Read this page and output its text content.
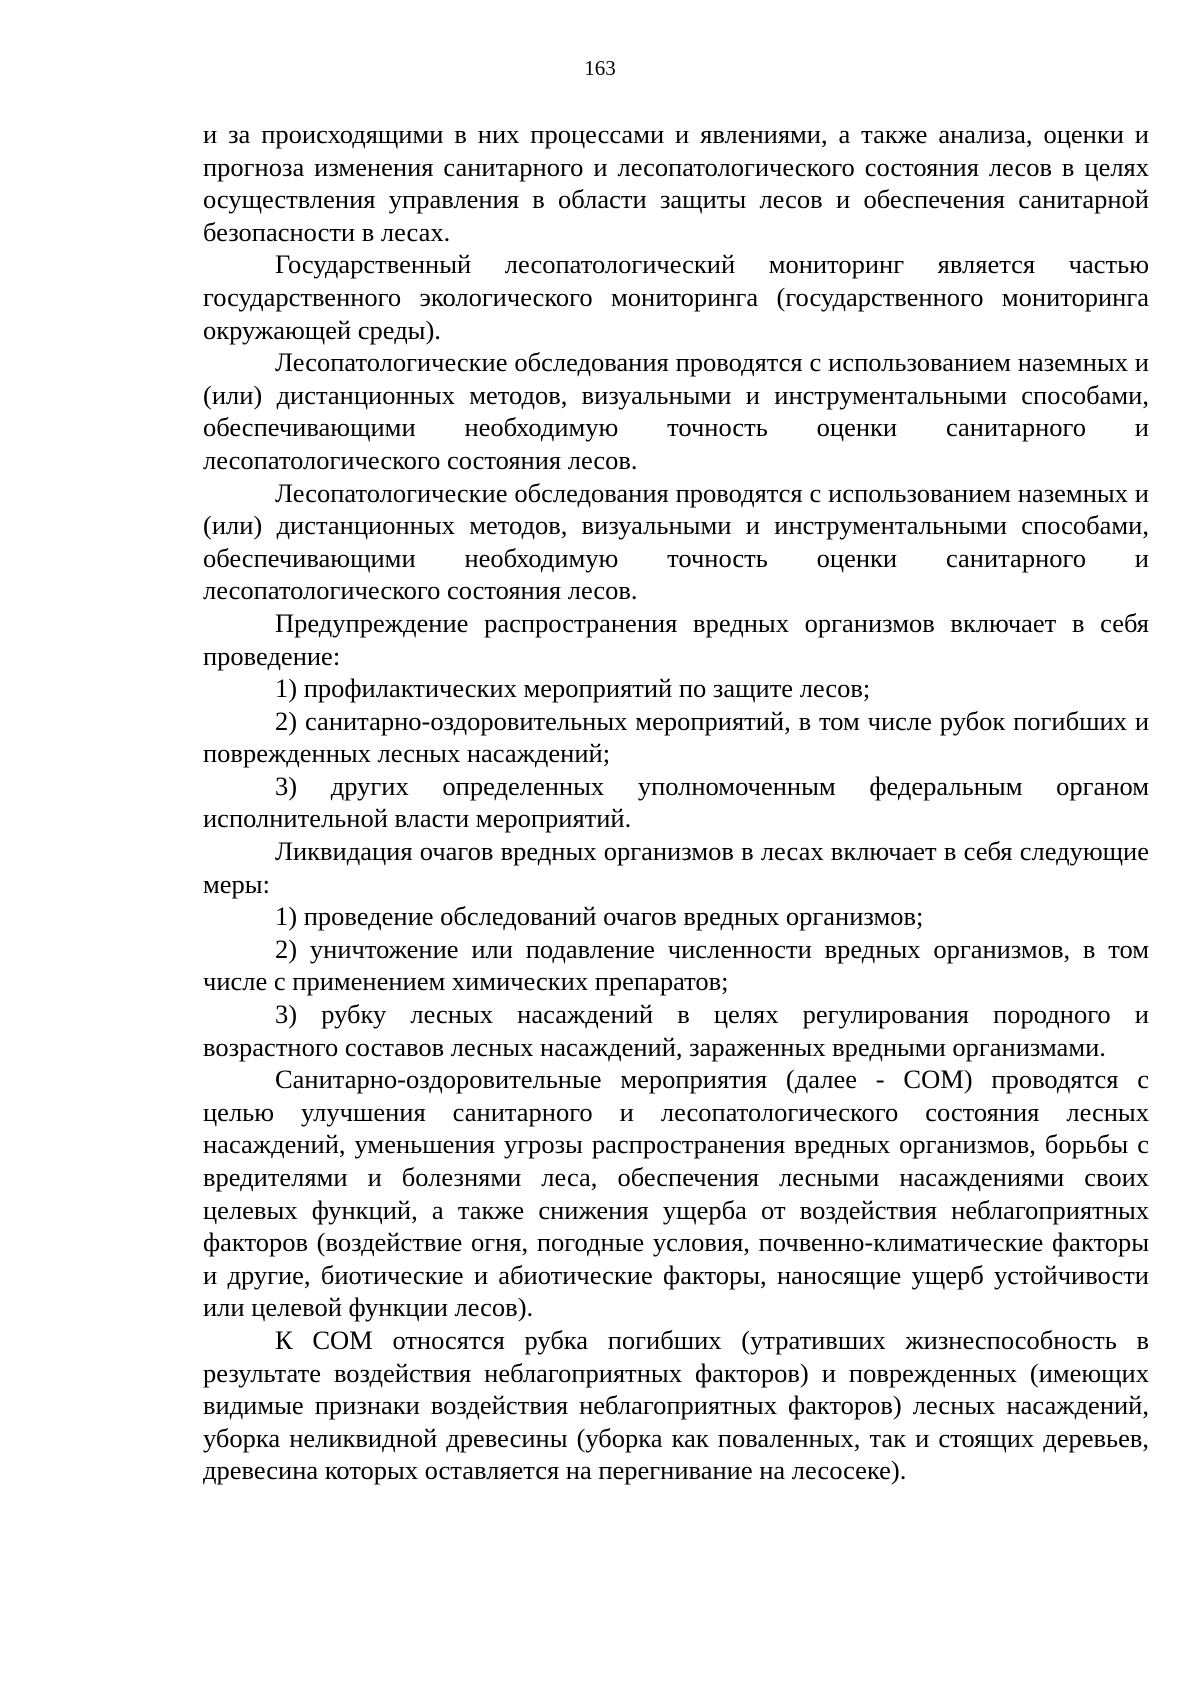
163

и за происходящими в них процессами и явлениями, а также анализа, оценки и прогноза изменения санитарного и лесопатологического состояния лесов в целях осуществления управления в области защиты лесов и обеспечения санитарной безопасности в лесах.

Государственный лесопатологический мониторинг является частью государственного экологического мониторинга (государственного мониторинга окружающей среды).

Лесопатологические обследования проводятся с использованием наземных и (или) дистанционных методов, визуальными и инструментальными способами, обеспечивающими необходимую точность оценки санитарного и лесопатологического состояния лесов.

Лесопатологические обследования проводятся с использованием наземных и (или) дистанционных методов, визуальными и инструментальными способами, обеспечивающими необходимую точность оценки санитарного и лесопатологического состояния лесов.

Предупреждение распространения вредных организмов включает в себя проведение:

1) профилактических мероприятий по защите лесов;

2) санитарно-оздоровительных мероприятий, в том числе рубок погибших и поврежденных лесных насаждений;

3) других определенных уполномоченным федеральным органом исполнительной власти мероприятий.

Ликвидация очагов вредных организмов в лесах включает в себя следующие меры:

1) проведение обследований очагов вредных организмов;

2) уничтожение или подавление численности вредных организмов, в том числе с применением химических препаратов;

3) рубку лесных насаждений в целях регулирования породного и возрастного составов лесных насаждений, зараженных вредными организмами.

Санитарно-оздоровительные мероприятия (далее - СОМ) проводятся с целью улучшения санитарного и лесопатологического состояния лесных насаждений, уменьшения угрозы распространения вредных организмов, борьбы с вредителями и болезнями леса, обеспечения лесными насаждениями своих целевых функций, а также снижения ущерба от воздействия неблагоприятных факторов (воздействие огня, погодные условия, почвенно-климатические факторы и другие, биотические и абиотические факторы, наносящие ущерб устойчивости или целевой функции лесов).

К СОМ относятся рубка погибших (утративших жизнеспособность в результате воздействия неблагоприятных факторов) и поврежденных (имеющих видимые признаки воздействия неблагоприятных факторов) лесных насаждений, уборка неликвидной древесины (уборка как поваленных, так и стоящих деревьев, древесина которых оставляется на перегнивание на лесосеке).
